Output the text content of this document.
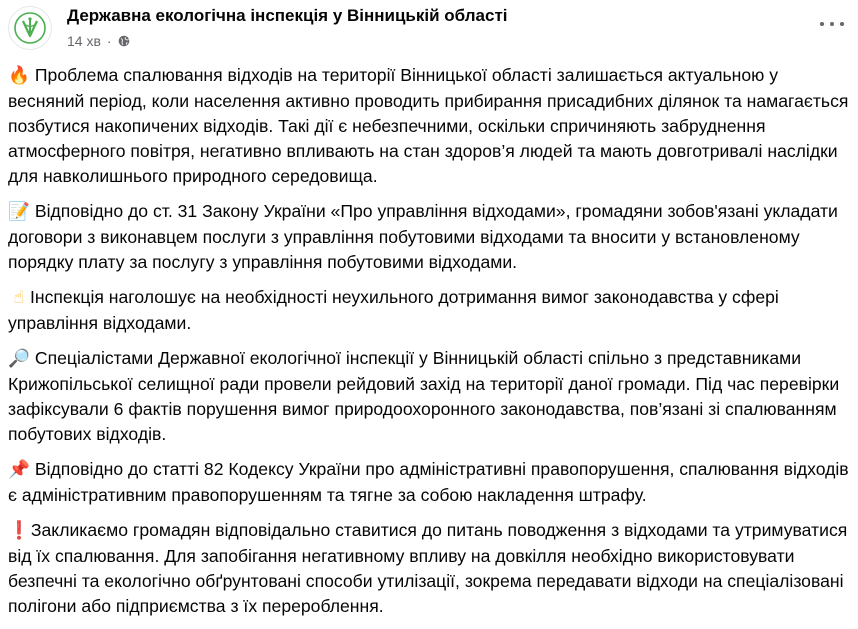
Державна екологічна інспекція у Вінницькій області
14 хв ·

🔥 Проблема спалювання відходів на території Вінницької області залишається актуальною у весняний період, коли населення активно проводить прибирання присадибних ділянок та намагається позбутися накопичених відходів. Такі дії є небезпечними, оскільки спричиняють забруднення атмосферного повітря, негативно впливають на стан здоров’я людей та мають довготривалі наслідки для навколишнього природного середовища.

📝 Відповідно до ст. 31 Закону України «Про управління відходами», громадяни зобов'язані укладати договори з виконавцем послуги з управління побутовими відходами та вносити у встановленому порядку плату за послугу з управління побутовими відходами.

☝ Інспекція наголошує на необхідності неухильного дотримання вимог законодавства у сфері управління відходами.

🔎 Спеціалістами Державної екологічної інспекції у Вінницькій області спільно з представниками Крижопільської селищної ради провели рейдовий захід на території даної громади. Під час перевірки зафіксували 6 фактів порушення вимог природоохоронного законодавства, пов’язані зі спалюванням побутових відходів.

📌 Відповідно до статті 82 Кодексу України про адміністративні правопорушення, спалювання відходів є адміністративним правопорушенням та тягне за собою накладення штрафу.

❗ Закликаємо громадян відповідально ставитися до питань поводження з відходами та утримуватися від їх спалювання. Для запобігання негативному впливу на довкілля необхідно використовувати безпечні та екологічно обґрунтовані способи утилізації, зокрема передавати відходи на спеціалізовані полігони або підприємства з їх перероблення.
